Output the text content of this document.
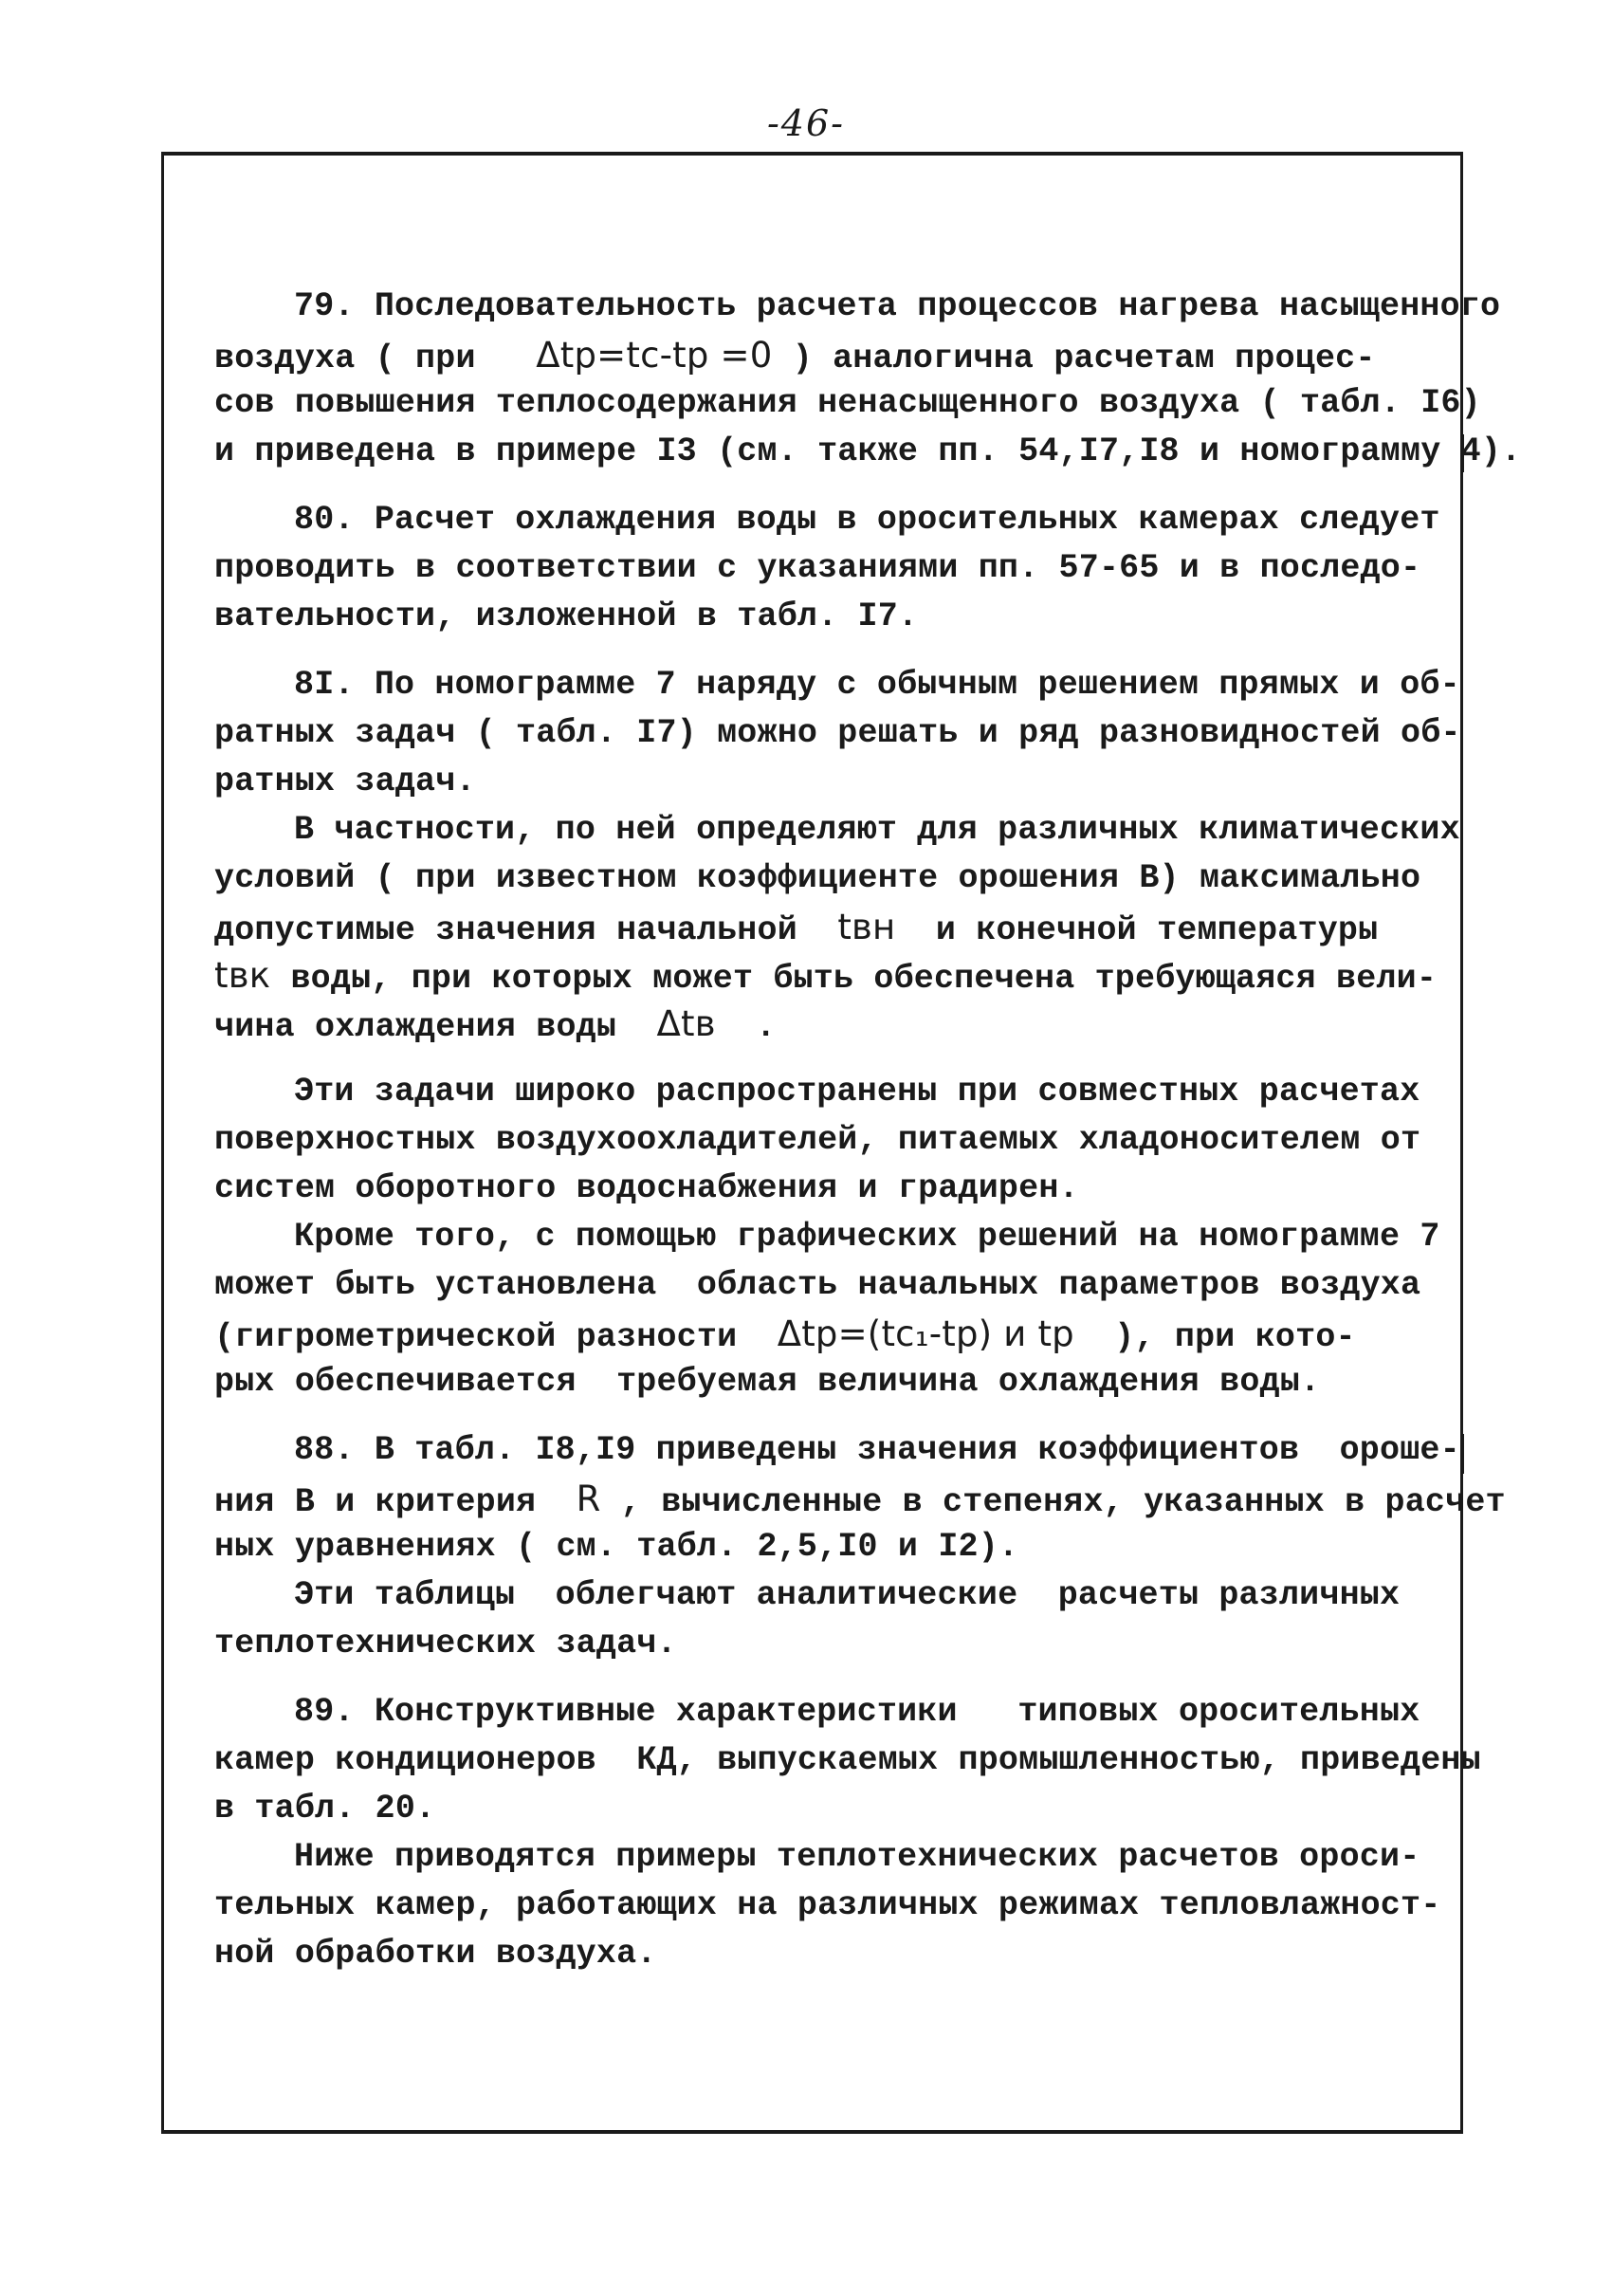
-46-
79. Последовательность расчета процессов нагрева насыщенного
воздуха ( при   Δtр=tс-tр =0 ) аналогична расчетам процес-
сов повышения теплосодержания ненасыщенного воздуха ( табл. I6)
и приведена в примере I3 (см. также пп. 54,I7,I8 и номограмму 4).
80. Расчет охлаждения воды в оросительных камерах следует
проводить в соответствии с указаниями пп. 57-65 и в последо-
вательности, изложенной в табл. I7.
8I. По номограмме 7 наряду с обычным решением прямых и об-
ратных задач ( табл. I7) можно решать и ряд разновидностей об-
ратных задач.
В частности, по ней определяют для различных климатических
условий ( при известном коэффициенте орошения В) максимально
допустимые значения начальной  tвн  и конечной температуры
tвк воды, при которых может быть обеспечена требующаяся вели-
чина охлаждения воды  Δtв  .
Эти задачи широко распространены при совместных расчетах
поверхностных воздухоохладителей, питаемых хладоносителем от
систем оборотного водоснабжения и градирен.
Кроме того, с помощью графических решений на номограмме 7
может быть установлена  область начальных параметров воздуха
(гигрометрической разности  Δtр=(tс₁-tр) и tр  ), при кото-
рых обеспечивается  требуемая величина охлаждения воды.
88. В табл. I8,I9 приведены значения коэффициентов  ороше-
ния В и критерия  R , вычисленные в степенях, указанных в расчет
ных уравнениях ( см. табл. 2,5,I0 и I2).
Эти таблицы  облегчают аналитические  расчеты различных
теплотехнических задач.
89. Конструктивные характеристики   типовых оросительных
камер кондиционеров  КД, выпускаемых промышленностью, приведены
в табл. 20.
Ниже приводятся примеры теплотехнических расчетов ороси-
тельных камер, работающих на различных режимах тепловлажност-
ной обработки воздуха.
